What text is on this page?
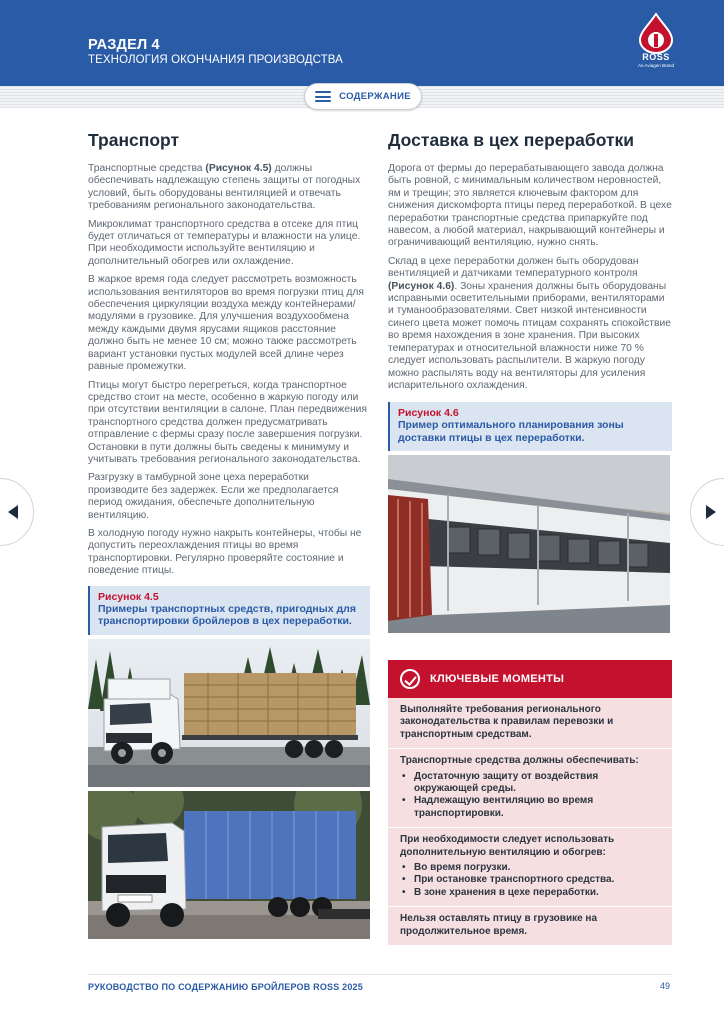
РАЗДЕЛ 4
ТЕХНОЛОГИЯ ОКОНЧАНИЯ ПРОИЗВОДСТВА	ROSS
An Aviagen Brand
СОДЕРЖАНИЕ
Транспорт

Транспортные средства (Рисунок 4.5) должны обеспечивать надлежащую степень защиты от погодных условий, быть оборудованы вентиляцией и отвечать требованиям регионального законодательства.

Микроклимат транспортного средства в отсеке для птиц будет отличаться от температуры и влажности на улице. При необходимости используйте вентиляцию и дополнительный обогрев или охлаждение.

В жаркое время года следует рассмотреть возможность использования вентиляторов во время погрузки птиц для обеспечения циркуляции воздуха между контейнерами/модулями в грузовике. Для улучшения воздухообмена между каждыми двумя ярусами ящиков расстояние должно быть не менее 10 см; можно также рассмотреть вариант установки пустых модулей всей длине через равные промежутки.

Птицы могут быстро перегреться, когда транспортное средство стоит на месте, особенно в жаркую погоду или при отсутствии вентиляции в салоне. План передвижения транспортного средства должен предусматривать отправление с фермы сразу после завершения погрузки. Остановки в пути должны быть сведены к минимуму и учитывать требования регионального законодательства.

Разгрузку в тамбурной зоне цеха переработки производите без задержек. Если же предполагается период ожидания, обеспечьте дополнительную вентиляцию.

В холодную погоду нужно накрыть контейнеры, чтобы не допустить переохлаждения птицы во время транспортировки. Регулярно проверяйте состояние и поведение птицы.

Рисунок 4.5
Примеры транспортных средств, пригодных для транспортировки бройлеров в цех переработки.
Доставка в цех переработки

Дорога от фермы до перерабатывающего завода должна быть ровной, с минимальным количеством неровностей, ям и трещин; это является ключевым фактором для снижения дискомфорта птицы перед переработкой. В цехе переработки транспортные средства припаркуйте под навесом, а любой материал, накрывающий контейнеры и ограничивающий вентиляцию, нужно снять.

Склад в цехе переработки должен быть оборудован вентиляцией и датчиками температурного контроля (Рисунок 4.6). Зоны хранения должны быть оборудованы исправными осветительными приборами, вентиляторами и туманообразователями. Свет низкой интенсивности синего цвета может помочь птицам сохранять спокойствие во время нахождения в зоне хранения. При высоких температурах и относительной влажности ниже 70 % следует использовать распылители. В жаркую погоду можно распылять воду на вентиляторы для усиления испарительного охлаждения.

Рисунок 4.6
Пример оптимального планирования зоны доставки птицы в цех переработки.
КЛЮЧЕВЫЕ МОМЕНТЫ
Выполняйте требования регионального законодательства к правилам перевозки и транспортным средствам.
Транспортные средства должны обеспечивать:
• Достаточную защиту от воздействия окружающей среды.
• Надлежащую вентиляцию во время транспортировки.
При необходимости следует использовать дополнительную вентиляцию и обогрев:
• Во время погрузки.
• При остановке транспортного средства.
• В зоне хранения в цехе переработки.
Нельзя оставлять птицу в грузовике на продолжительное время.
РУКОВОДСТВО ПО СОДЕРЖАНИЮ БРОЙЛЕРОВ ROSS 2025	49
